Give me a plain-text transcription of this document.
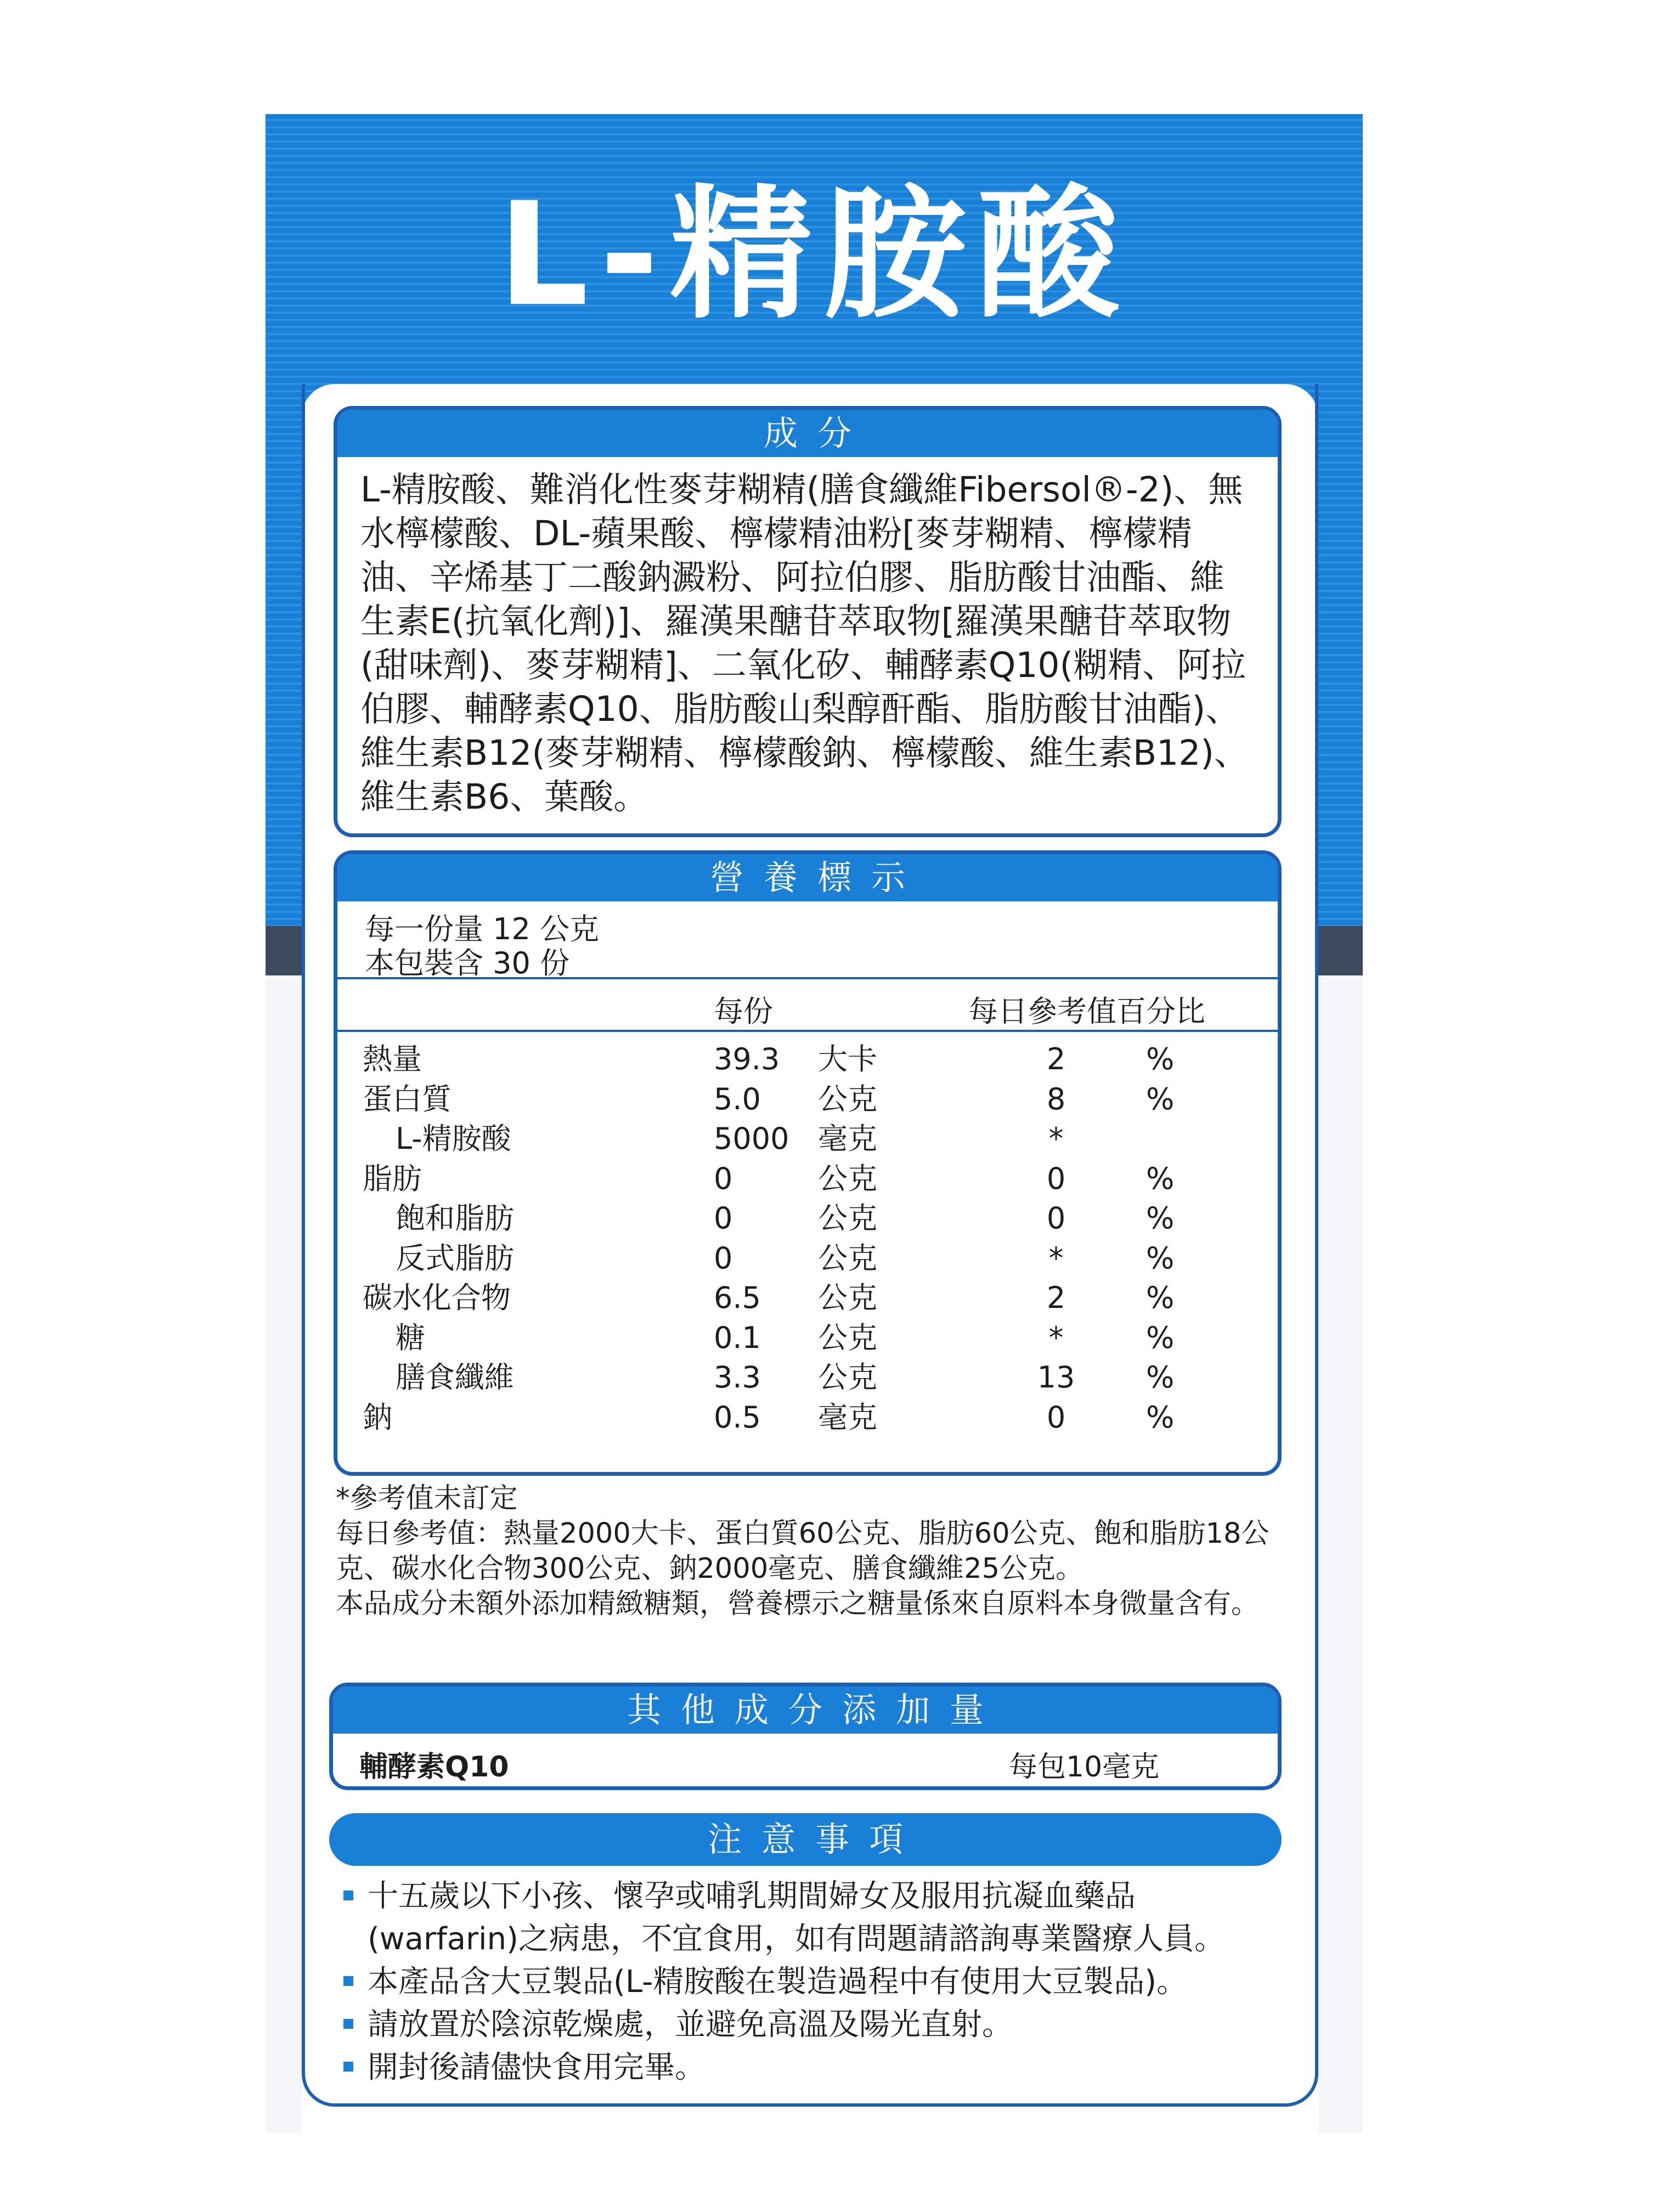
L-精胺酸
成分
L-精胺酸、難消化性麥芽糊精(膳食纖維Fibersol®-2)、無水檸檬酸、DL-蘋果酸、檸檬精油粉[麥芽糊精、檸檬精油、辛烯基丁二酸鈉澱粉、阿拉伯膠、脂肪酸甘油酯、維生素E(抗氧化劑)]、羅漢果醣苷萃取物[羅漢果醣苷萃取物(甜味劑)、麥芽糊精]、二氧化矽、輔酵素Q10(糊精、阿拉伯膠、輔酵素Q10、脂肪酸山梨醇酐酯、脂肪酸甘油酯)、維生素B12(麥芽糊精、檸檬酸鈉、檸檬酸、維生素B12)、維生素B6、葉酸。
營養標示
每一份量 12 公克
本包裝含 30 份
每份	每日參考值百分比
熱量	39.3 大卡	2	%
蛋白質	5.0 公克	8	%
L-精胺酸	5000 毫克	*
脂肪	0	公克	0	%
飽和脂肪	0	公克	0	%
反式脂肪	0	公克	*	%
碳水化合物	6.5 公克	2	%
糖	0.1 公克	*	%
膳食纖維	3.3 公克	13 %
鈉	0.5 毫克	0	%
*參考值未訂定
每日參考值：熱量2000大卡、蛋白質60公克、脂肪60公克、飽和脂肪18公克、碳水化合物300公克、鈉2000毫克、膳食纖維25公克。
本品成分未額外添加精緻糖類，營養標示之糖量係來自原料本身微量含有。
其他成分添加量
輔酵素Q10	每包10毫克
注意事項
十五歲以下小孩、懷孕或哺乳期間婦女及服用抗凝血藥品(warfarin)之病患，不宜食用，如有問題請諮詢專業醫療人員。
本產品含大豆製品(L-精胺酸在製造過程中有使用大豆製品)。
請放置於陰涼乾燥處，並避免高溫及陽光直射。
開封後請儘快食用完畢。
